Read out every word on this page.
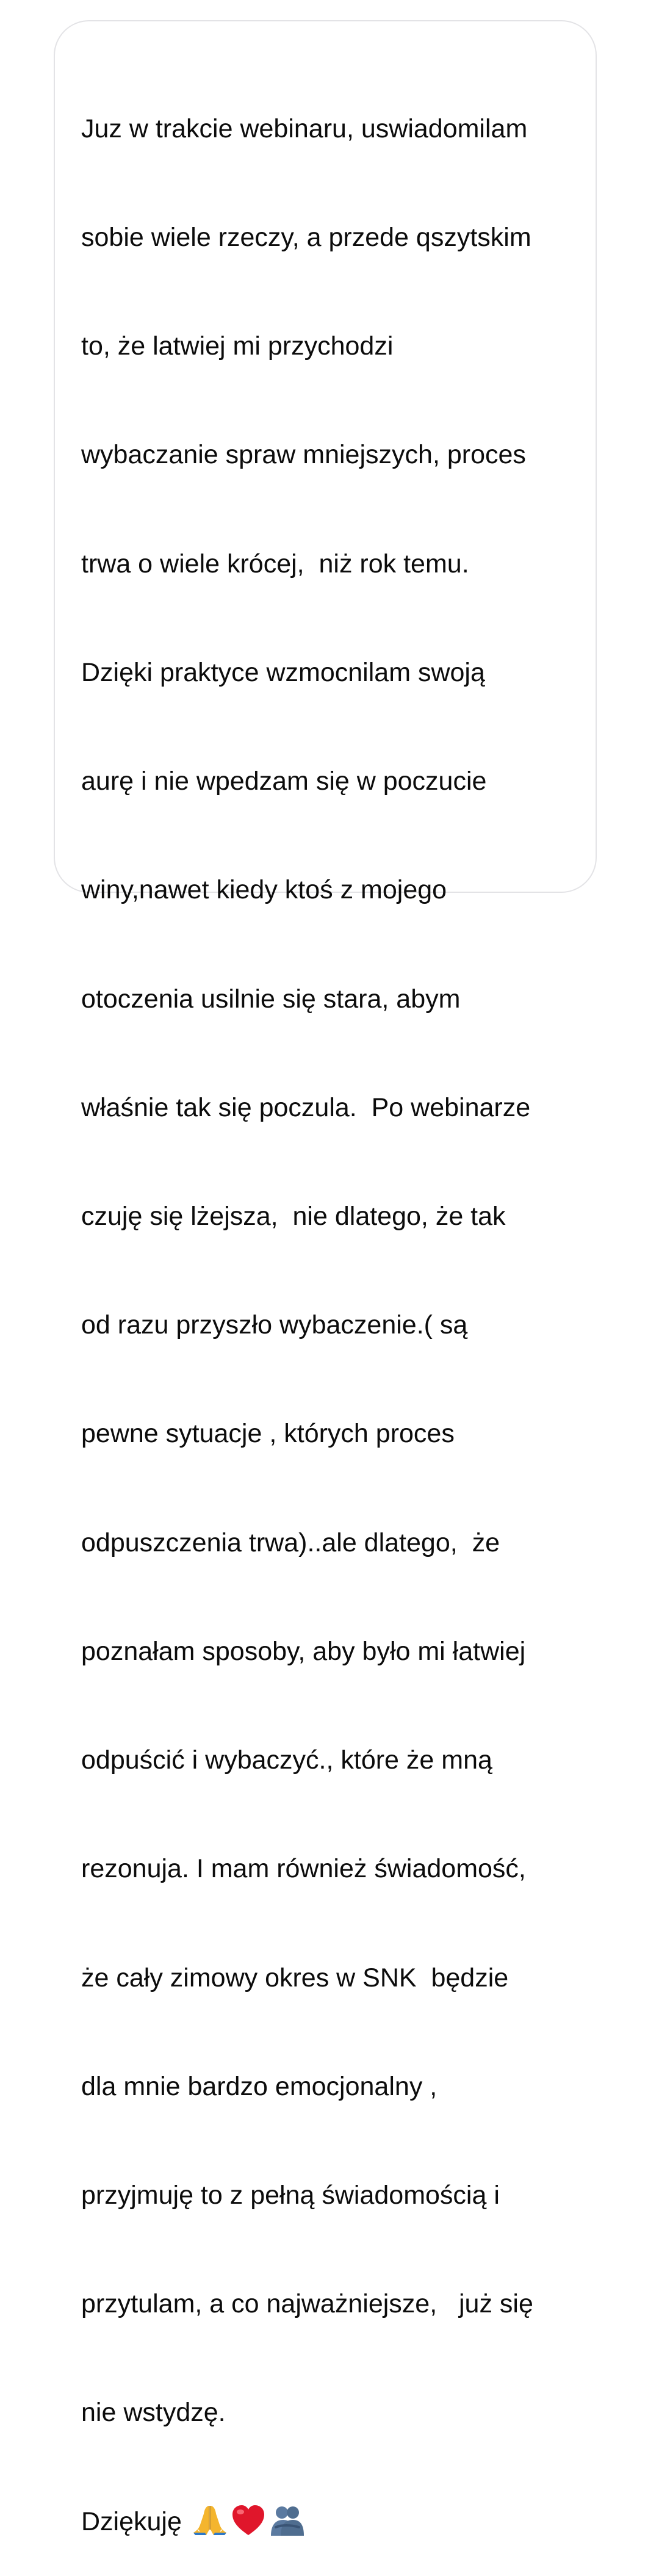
Juz w trakcie webinaru, uswiadomilam

sobie wiele rzeczy, a przede qszytskim

to, że latwiej mi przychodzi

wybaczanie spraw mniejszych, proces

trwa o wiele krócej,  niż rok temu.

Dzięki praktyce wzmocnilam swoją

aurę i nie wpedzam się w poczucie

winy,nawet kiedy ktoś z mojego

otoczenia usilnie się stara, abym

właśnie tak się poczula.  Po webinarze

czuję się lżejsza,  nie dlatego, że tak

od razu przyszło wybaczenie.( są

pewne sytuacje , których proces

odpuszczenia trwa)..ale dlatego,  że

poznałam sposoby, aby było mi łatwiej

odpuścić i wybaczyć., które że mną

rezonuja. I mam również świadomość,

że cały zimowy okres w SNK  będzie

dla mnie bardzo emocjonalny ,

przyjmuję to z pełną świadomością i

przytulam, a co najważniejsze,   już się

nie wstydzę.

Dziękuję
